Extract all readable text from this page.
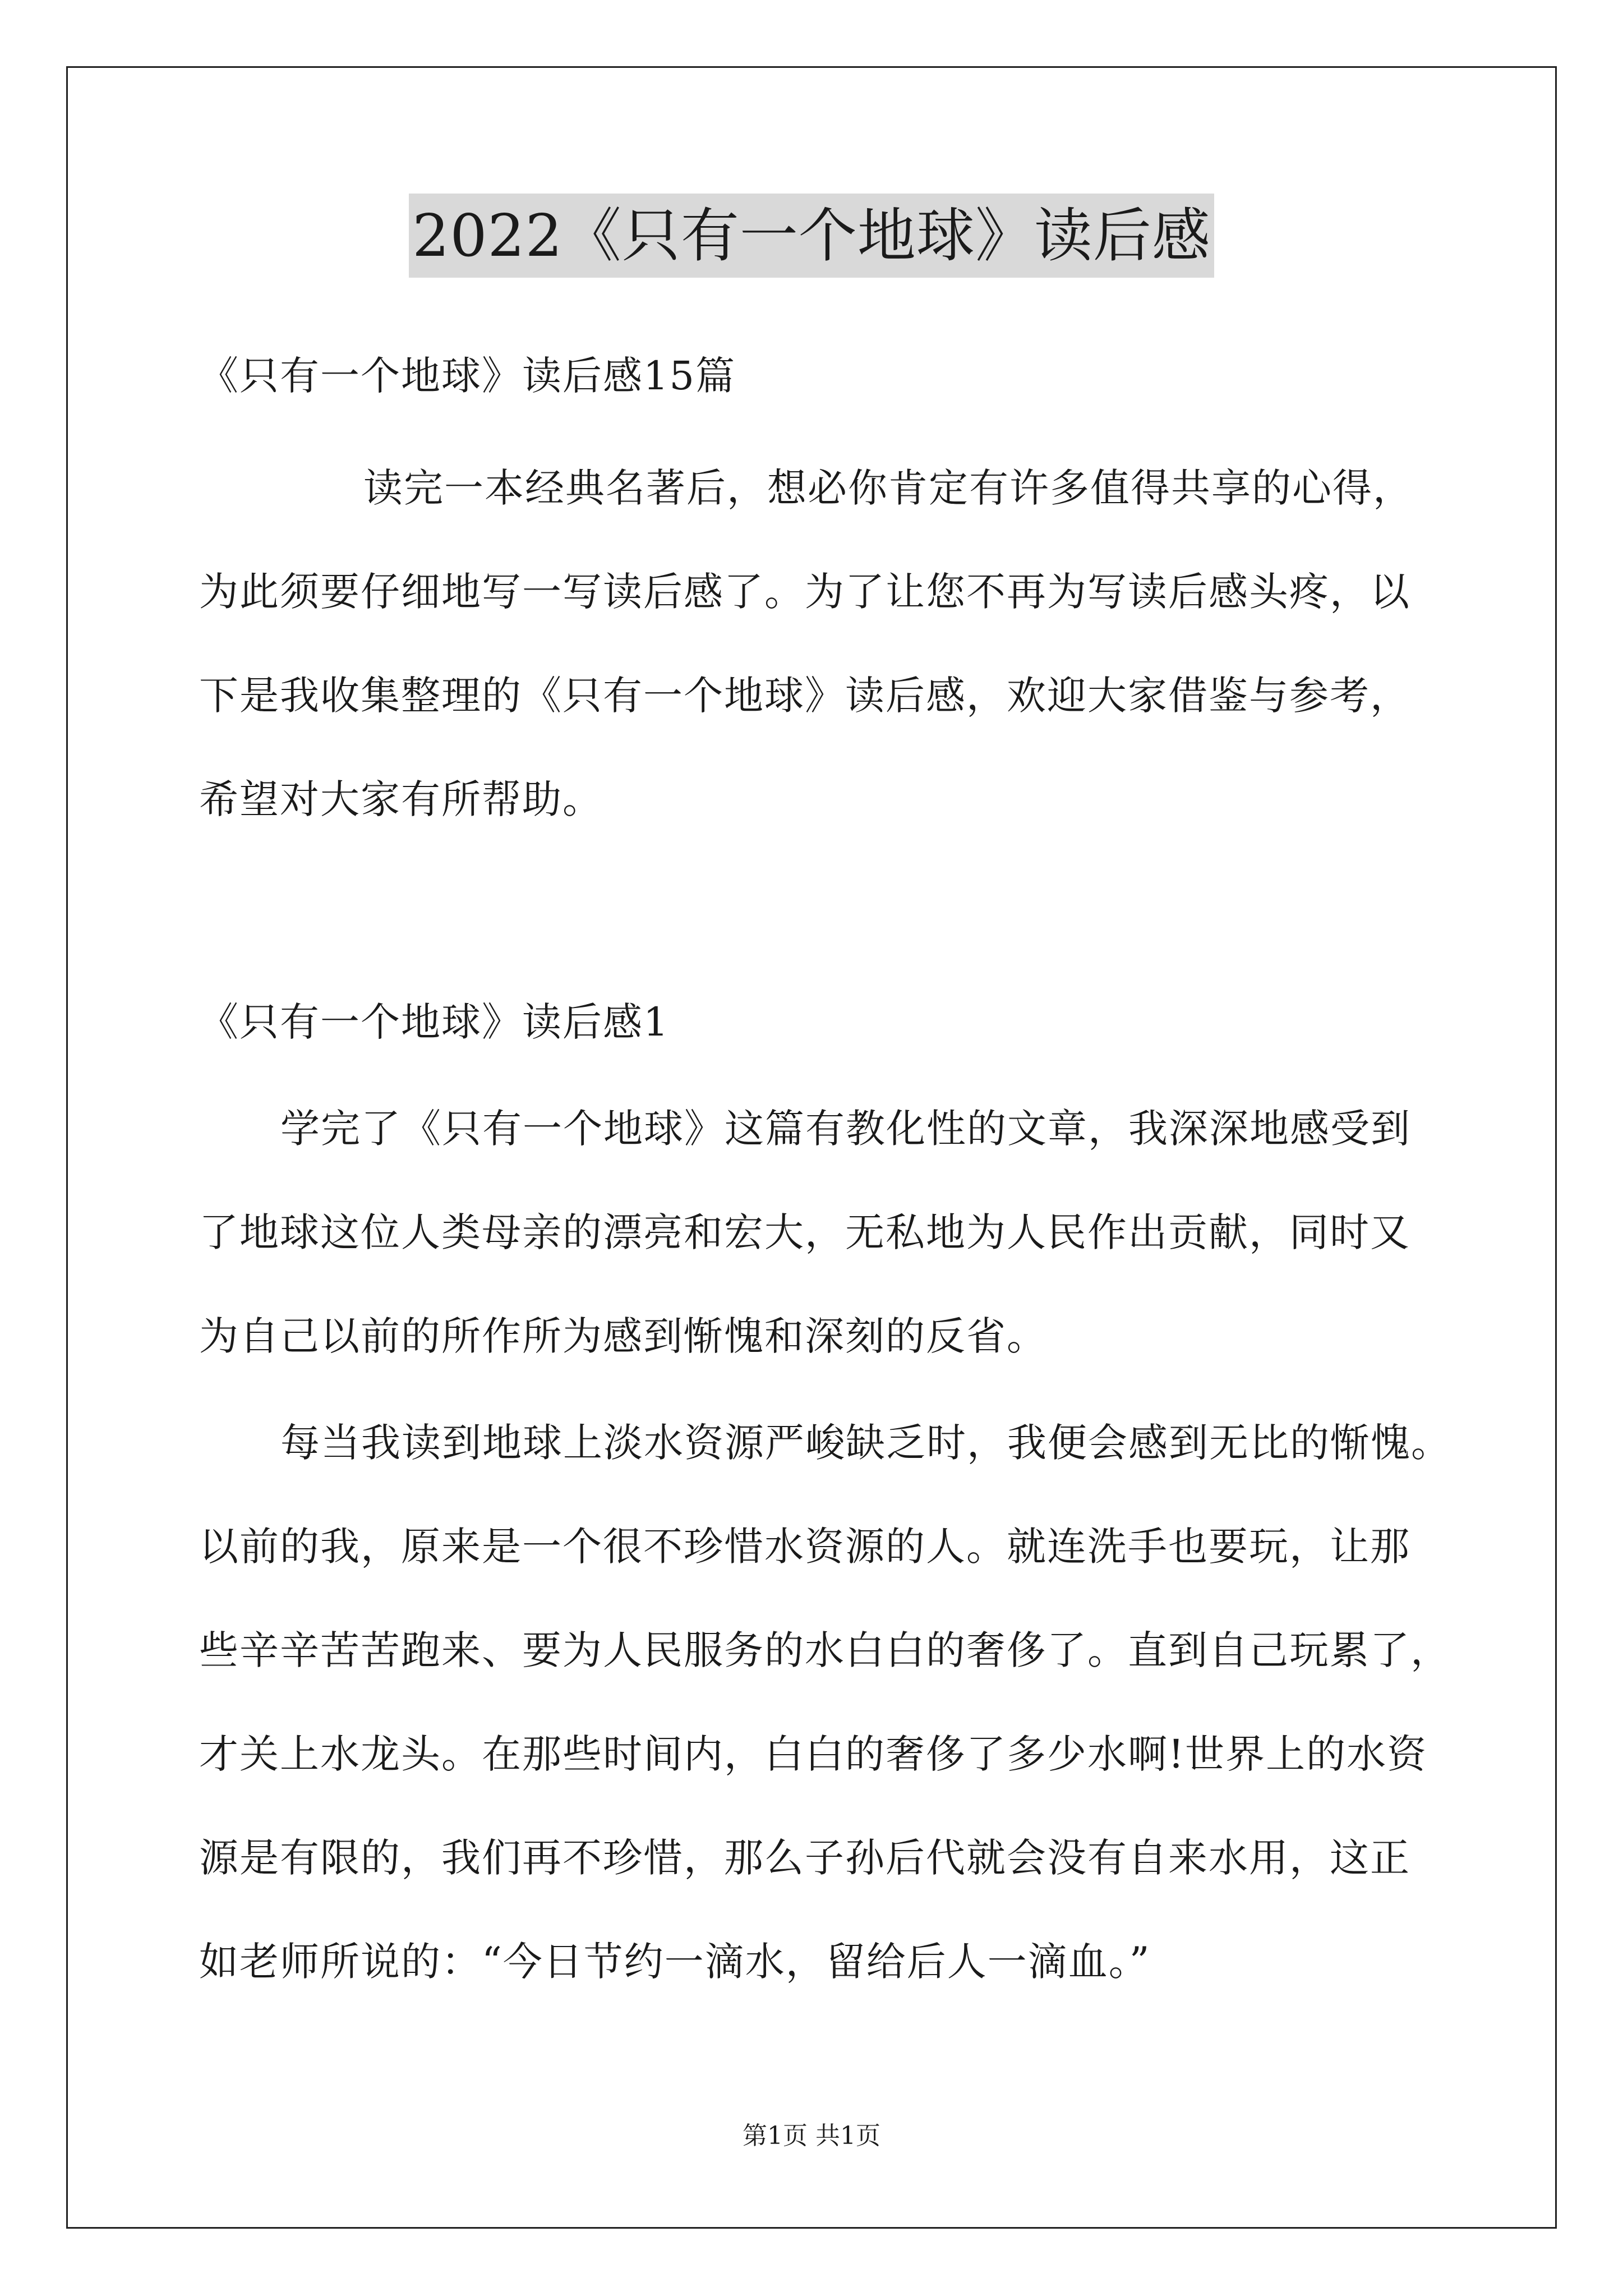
2022《只有一个地球》读后感
《只有一个地球》读后感15篇
读完一本经典名著后，想必你肯定有许多值得共享的心得，
为此须要仔细地写一写读后感了。为了让您不再为写读后感头疼，以
下是我收集整理的《只有一个地球》读后感，欢迎大家借鉴与参考，
希望对大家有所帮助。
《只有一个地球》读后感1
学完了《只有一个地球》这篇有教化性的文章，我深深地感受到
了地球这位人类母亲的漂亮和宏大，无私地为人民作出贡献，同时又
为自己以前的所作所为感到惭愧和深刻的反省。
每当我读到地球上淡水资源严峻缺乏时，我便会感到无比的惭愧。
以前的我，原来是一个很不珍惜水资源的人。就连洗手也要玩，让那
些辛辛苦苦跑来、要为人民服务的水白白的奢侈了。直到自己玩累了，
才关上水龙头。在那些时间内，白白的奢侈了多少水啊!世界上的水资
源是有限的，我们再不珍惜，那么子孙后代就会没有自来水用，这正
如老师所说的：“今日节约一滴水，留给后人一滴血。”
第1页 共1页
